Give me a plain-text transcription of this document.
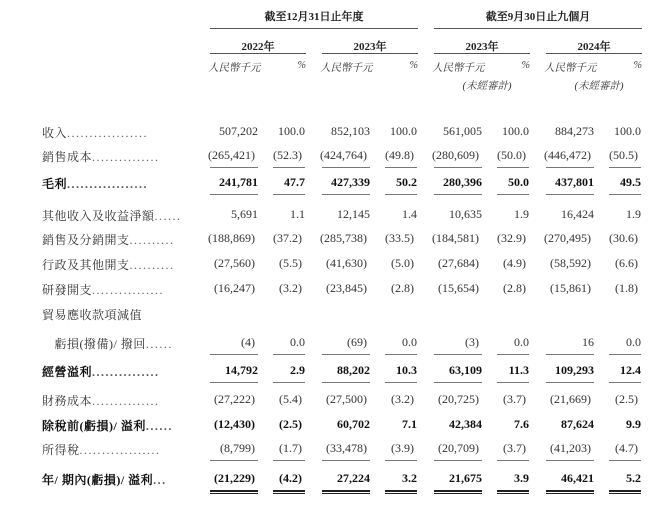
截至12月31日止年度	截至9月30日止九個月
2022年	2023年	2023年	2024年
人民幣千元	% 人民幣千元	% 人民幣千元	% 人民幣千元	%
(未經審計)	(未經審計)
收入..................	507,202 100.0 852,103 100.0 561,005 100.0 884,273 100.0
銷售成本...............	(265,421) (52.3) (424,764) (49.8) (280,609) (50.0) (446,472) (50.5)
毛利..................	241,781 47.7 427,339 50.2 280,396 50.0 437,801 49.5
其他收入及收益淨額......	5,691	1.1	12,145	1.4	10,635	1.9	16,424	1.9
銷售及分銷開支..........	(188,869) (37.2) (285,738) (33.5) (184,581) (32.9) (270,495) (30.6)
行政及其他開支..........	(27,560) (5.5) (41,630) (5.0) (27,684) (4.9) (58,592) (6.6)
研發開支................	(16,247) (3.2) (23,845) (2.8) (15,654) (2.8) (15,861) (1.8)
貿易應收款項減值
　虧損(撥備)/ 撥回......	(4)	0.0	(69)	0.0	(3)	0.0	16	0.0
經營溢利...............	14,792	2.9	88,202 10.3	63,109 11.3 109,293 12.4
財務成本...............	(27,222) (5.4) (27,500) (3.2) (20,725) (3.7) (21,669) (2.5)
除稅前(虧損)/ 溢利......	(12,430) (2.5)	60,702	7.1	42,384	7.6	87,624	9.9
所得稅..................	(8,799) (1.7) (33,478) (3.9) (20,709) (3.7) (41,203) (4.7)
年/ 期內(虧損)/ 溢利...	(21,229) (4.2)	27,224	3.2	21,675	3.9	46,421	5.2
